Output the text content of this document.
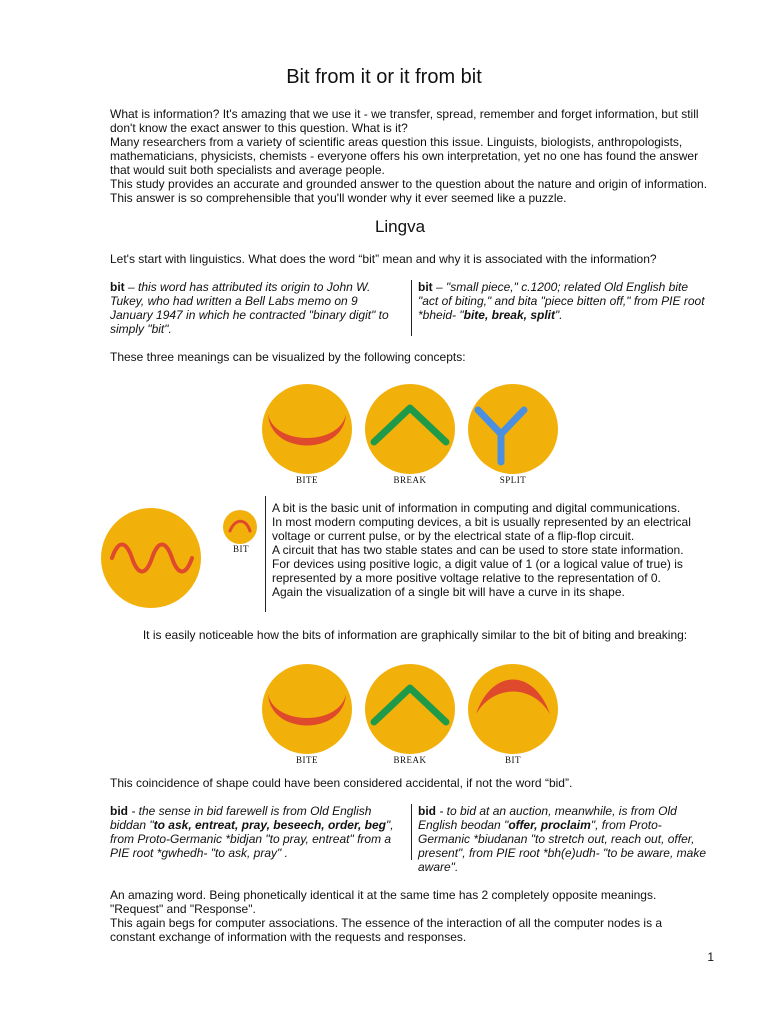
Bit from it or it from bit

What is information? It's amazing that we use it - we transfer, spread, remember and forget information, but still don't know the exact answer to this question. What is it?

Many researchers from a variety of scientific areas question this issue. Linguists, biologists, anthropologists, mathematicians, physicists, chemists - everyone offers his own interpretation, yet no one has found the answer that would suit both specialists and average people.

This study provides an accurate and grounded answer to the question about the nature and origin of information. This answer is so comprehensible that you'll wonder why it ever seemed like a puzzle.

Lingva
Let's start with linguistics. What does the word “bit” mean and why it is associated with the information?
bit – this word has attributed its origin to John W. Tukey, who had written a Bell Labs memo on 9 January 1947 in which he contracted "binary digit" to simply "bit".
bit – "small piece," c.1200; related Old English bite "act of biting," and bita "piece bitten off," from PIE root *bheid- "bite, break, split".
These three meanings can be visualized by the following concepts:
BITE	BREAK	SPLIT
BIT

A bit is the basic unit of information in computing and digital communications.

In most modern computing devices, a bit is usually represented by an electrical voltage or current pulse, or by the electrical state of a flip-flop circuit.

A circuit that has two stable states and can be used to store state information.

For devices using positive logic, a digit value of 1 (or a logical value of true) is represented by a more positive voltage relative to the representation of 0.

Again the visualization of a single bit will have a curve in its shape.

It is easily noticeable how the bits of information are graphically similar to the bit of biting and breaking:
BITE	BREAK	BIT
This coincidence of shape could have been considered accidental, if not the word “bid”.
bid - the sense in bid farewell is from Old English biddan "to ask, entreat, pray, beseech, order, beg", from Proto-Germanic *bidjan "to pray, entreat" from a PIE root *gwhedh- "to ask, pray" .
bid - to bid at an auction, meanwhile, is from Old English beodan "offer, proclaim", from Proto-Germanic *biudanan "to stretch out, reach out, offer, present", from PIE root *bh(e)udh- "to be aware, make aware".

An amazing word. Being phonetically identical it at the same time has 2 completely opposite meanings. "Request" and "Response".

This again begs for computer associations. The essence of the interaction of all the computer nodes is a constant exchange of information with the requests and responses.

1
